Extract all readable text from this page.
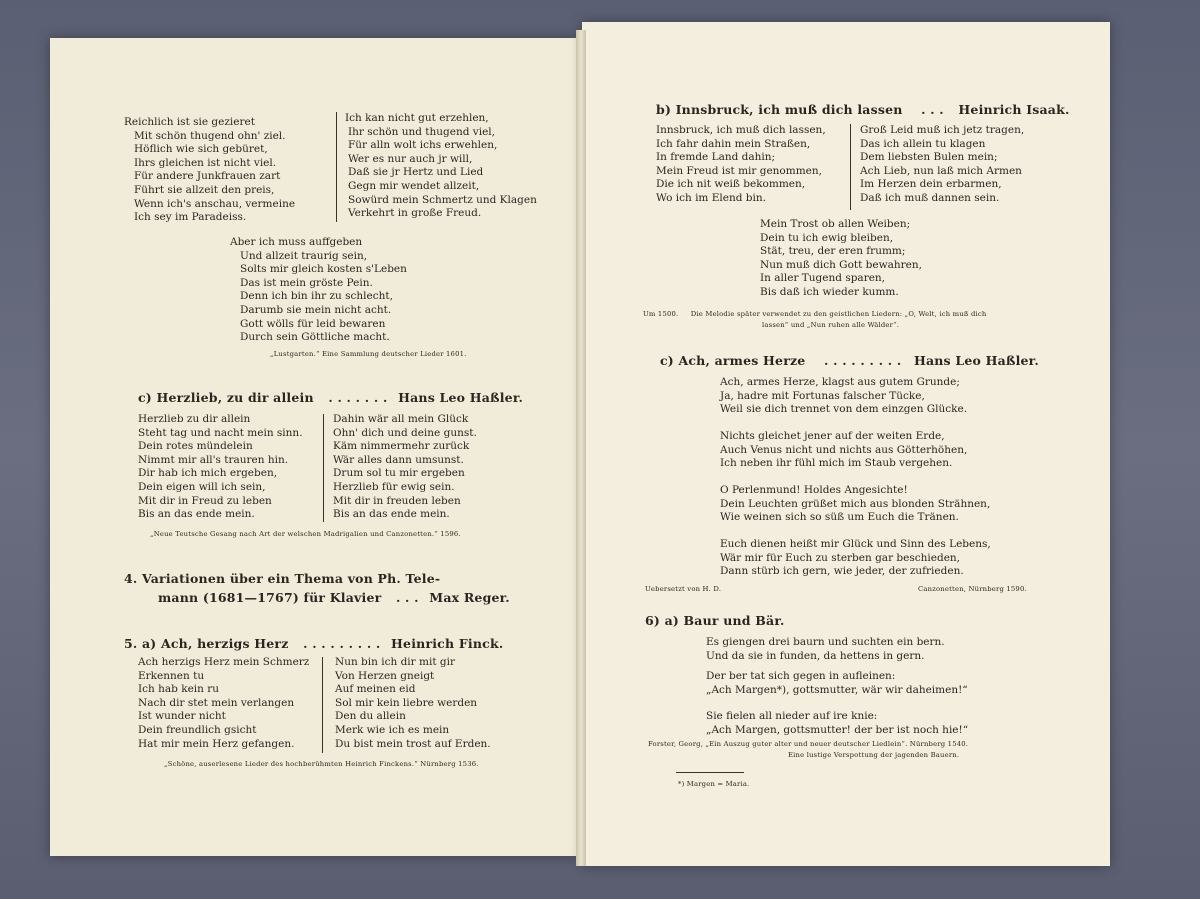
Reichlich ist sie gezieret
Mit schön thugend ohn' ziel.
Höflich wie sich gebüret,
Ihrs gleichen ist nicht viel.
Für andere Junkfrauen zart
Führt sie allzeit den preis,
Wenn ich's anschau, vermeine
Ich sey im Paradeiss.
Ich kan nicht gut erzehlen,
Ihr schön und thugend viel,
Für alln wolt ichs erwehlen,
Wer es nur auch jr will,
Daß sie jr Hertz und Lied
Gegn mir wendet allzeit,
Sowürd mein Schmertz und Klagen
Verkehrt in große Freud.
Aber ich muss auffgeben
Und allzeit traurig sein,
Solts mir gleich kosten s'Leben
Das ist mein gröste Pein.
Denn ich bin ihr zu schlecht,
Darumb sie mein nicht acht.
Gott wölls für leid bewaren
Durch sein Göttliche macht.
„Lustgarten.“ Eine Sammlung deutscher Lieder 1601.
c) Herzlieb, zu dir allein . . . . . . . Hans Leo Haßler.
Herzlieb zu dir allein
Steht tag und nacht mein sinn.
Dein rotes mündelein
Nimmt mir all's trauren hin.
Dir hab ich mich ergeben,
Dein eigen will ich sein,
Mit dir in Freud zu leben
Bis an das ende mein.
Dahin wär all mein Glück
Ohn' dich und deine gunst.
Käm nimmermehr zurück
Wär alles dann umsunst.
Drum sol tu mir ergeben
Herzlieb für ewig sein.
Mit dir in freuden leben
Bis an das ende mein.
„Neue Teutsche Gesang nach Art der welschen Madrigalien und Canzonetten.“ 1596.
4. Variationen über ein Thema von Ph. Tele-
mann (1681—1767) für Klavier . . . Max Reger.
5. a) Ach, herzigs Herz . . . . . . . . . Heinrich Finck.
Ach herzigs Herz mein Schmerz
Erkennen tu
Ich hab kein ru
Nach dir stet mein verlangen
Ist wunder nicht
Dein freundlich gsicht
Hat mir mein Herz gefangen.
Nun bin ich dir mit gir
Von Herzen gneigt
Auf meinen eid
Sol mir kein liebre werden
Den du allein
Merk wie ich es mein
Du bist mein trost auf Erden.
„Schöne, auserlesene Lieder des hochberühmten Heinrich Finckens.“ Nürnberg 1536.
b) Innsbruck, ich muß dich lassen . . . Heinrich Isaak.
Innsbruck, ich muß dich lassen,
Ich fahr dahin mein Straßen,
In fremde Land dahin;
Mein Freud ist mir genommen,
Die ich nit weiß bekommen,
Wo ich im Elend bin.
Groß Leid muß ich jetz tragen,
Das ich allein tu klagen
Dem liebsten Bulen mein;
Ach Lieb, nun laß mich Armen
Im Herzen dein erbarmen,
Daß ich muß dannen sein.
Mein Trost ob allen Weiben;
Dein tu ich ewig bleiben,
Stät, treu, der eren frumm;
Nun muß dich Gott bewahren,
In aller Tugend sparen,
Bis daß ich wieder kumm.
Um 1500. Die Melodie später verwendet zu den geistlichen Liedern: „O, Welt, ich muß dich
lassen“ und „Nun ruhen alle Wälder“.
c) Ach, armes Herze . . . . . . . . . Hans Leo Haßler.
Ach, armes Herze, klagst aus gutem Grunde;
Ja, hadre mit Fortunas falscher Tücke,
Weil sie dich trennet von dem einzgen Glücke.
Nichts gleichet jener auf der weiten Erde,
Auch Venus nicht und nichts aus Götterhöhen,
Ich neben ihr fühl mich im Staub vergehen.
O Perlenmund! Holdes Angesichte!
Dein Leuchten grüßet mich aus blonden Strähnen,
Wie weinen sich so süß um Euch die Tränen.
Euch dienen heißt mir Glück und Sinn des Lebens,
Wär mir für Euch zu sterben gar beschieden,
Dann stürb ich gern, wie jeder, der zufrieden.
Uebersetzt von H. D.	Canzonetten, Nürnberg 1590.
6) a) Baur und Bär.
Es giengen drei baurn und suchten ein bern.
Und da sie in funden, da hettens in gern.
Der ber tat sich gegen in aufleinen:
„Ach Margen*), gottsmutter, wär wir daheimen!“
Sie fielen all nieder auf ire knie:
„Ach Margen, gottsmutter! der ber ist noch hie!“
Forster, Georg, „Ein Auszug guter alter und neuer deutscher Liedlein“. Nürnberg 1540.
Eine lustige Verspottung der jagenden Bauern.
*) Margen = Maria.
